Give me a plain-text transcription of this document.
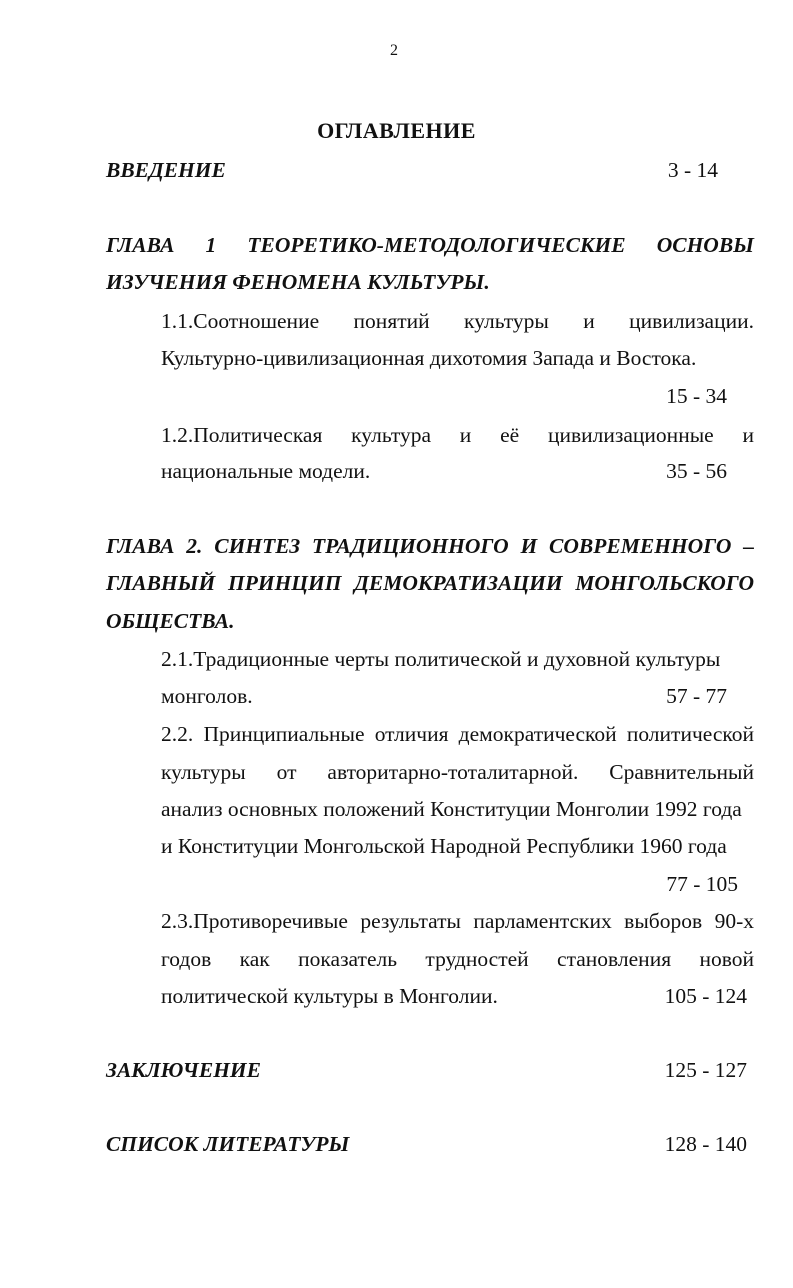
2
ОГЛАВЛЕНИЕ
ВВЕДЕНИЕ	3 - 14
ГЛАВА 1 ТЕОРЕТИКО-МЕТОДОЛОГИЧЕСКИЕ ОСНОВЫ
ИЗУЧЕНИЯ ФЕНОМЕНА КУЛЬТУРЫ.
1.1.Соотношение понятий культуры и цивилизации.
Культурно-цивилизационная дихотомия Запада и Востока.
15 - 34
1.2.Политическая культура и её цивилизационные и
национальные модели.	35 - 56
ГЛАВА 2. СИНТЕЗ ТРАДИЦИОННОГО И СОВРЕМЕННОГО –
ГЛАВНЫЙ ПРИНЦИП ДЕМОКРАТИЗАЦИИ МОНГОЛЬСКОГО
ОБЩЕСТВА.
2.1.Традиционные черты политической и духовной культуры
монголов.	57 - 77
2.2. Принципиальные отличия демократической политической
культуры от авторитарно-тоталитарной. Сравнительный
анализ основных положений Конституции Монголии 1992 года
и Конституции Монгольской Народной Республики 1960 года
77 - 105
2.3.Противоречивые результаты парламентских выборов 90-х
годов как показатель трудностей становления новой
политической культуры в Монголии.	105 - 124
ЗАКЛЮЧЕНИЕ	125 - 127
СПИСОК ЛИТЕРАТУРЫ	128 - 140
